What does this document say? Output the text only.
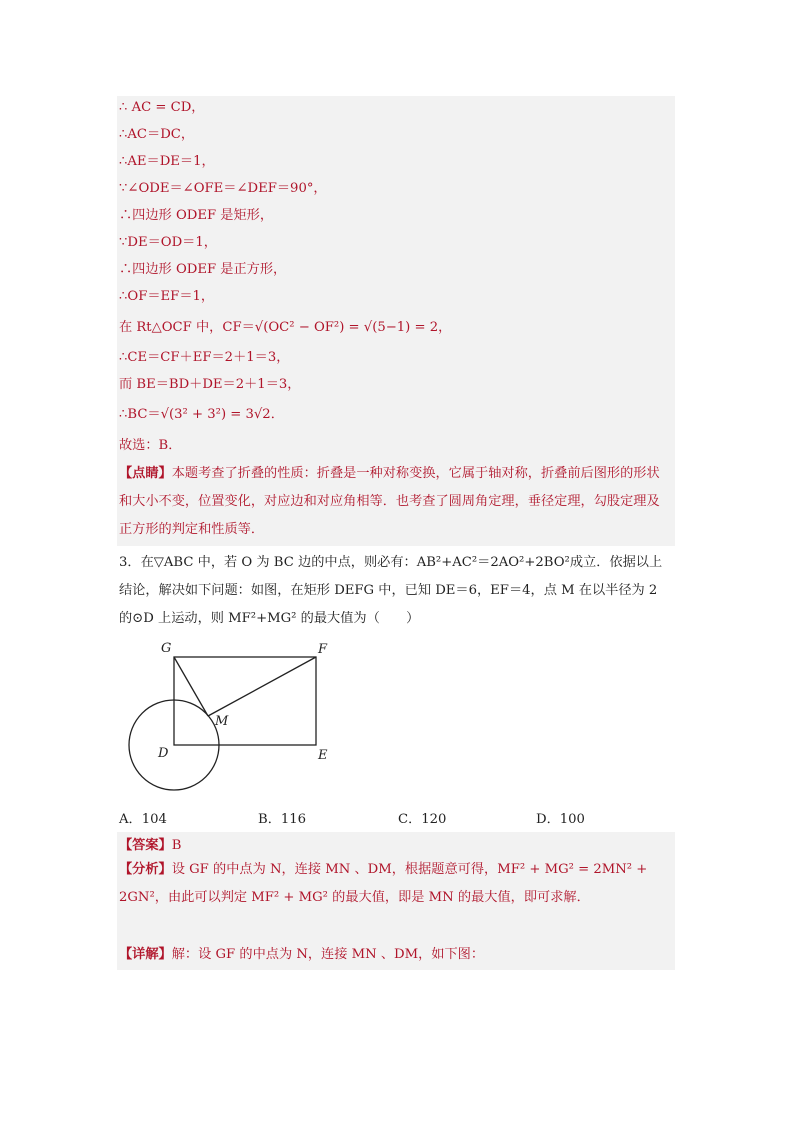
∴ AC = CD，
∴AC＝DC，
∴AE＝DE＝1，
∵∠ODE＝∠OFE＝∠DEF＝90°，
∴四边形 ODEF 是矩形，
∵DE＝OD＝1，
∴四边形 ODEF 是正方形，
∴OF＝EF＝1，
在 Rt△OCF 中，CF＝√(OC² − OF²) = √(5−1) = 2，
∴CE＝CF＋EF＝2＋1＝3，
而 BE＝BD＋DE＝2＋1＝3，
∴BC＝√(3² + 3²) = 3√2．
故选：B．
【点睛】本题考查了折叠的性质：折叠是一种对称变换，它属于轴对称，折叠前后图形的形状和大小不变，位置变化，对应边和对应角相等．也考查了圆周角定理，垂径定理，勾股定理及正方形的判定和性质等．
3．在▽ABC 中，若 O 为 BC 边的中点，则必有：AB²+AC²＝2AO²+2BO²成立．依据以上结论，解决如下问题：如图，在矩形 DEFG 中，已知 DE＝6，EF＝4，点 M 在以半径为 2 的⊙D 上运动，则 MF²+MG² 的最大值为（　　）
G	F
M
D	E
A．104	B．116	C．120	D．100
【答案】B
【分析】设 GF 的中点为 N，连接 MN 、DM，根据题意可得，MF² + MG² = 2MN² + 2GN²，由此可以判定 MF² + MG² 的最大值，即是 MN 的最大值，即可求解．
【详解】解：设 GF 的中点为 N，连接 MN 、DM，如下图：
